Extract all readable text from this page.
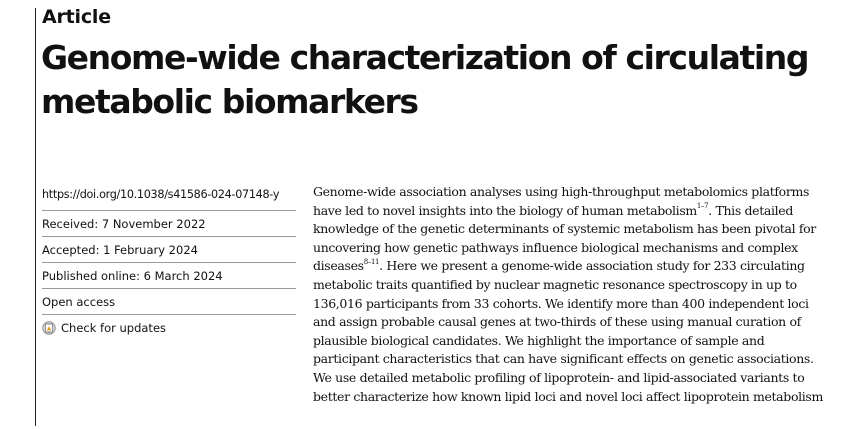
Article
Genome-wide characterization of circulating
metabolic biomarkers
https://doi.org/10.1038/s41586-024-07148-y
Received: 7 November 2022
Accepted: 1 February 2024
Published online: 6 March 2024
Open access
Check for updates

Genome-wide association analyses using high-throughput metabolomics platforms
have led to novel insights into the biology of human metabolism$^{1-7}$. This detailed
knowledge of the genetic determinants of systemic metabolism has been pivotal for
uncovering how genetic pathways influence biological mechanisms and complex
diseases$^{8-11}$. Here we present a genome-wide association study for 233 circulating
metabolic traits quantified by nuclear magnetic resonance spectroscopy in up to
136,016 participants from 33 cohorts. We identify more than 400 independent loci
and assign probable causal genes at two-thirds of these using manual curation of
plausible biological candidates. We highlight the importance of sample and
participant characteristics that can have significant effects on genetic associations.
We use detailed metabolic profiling of lipoprotein- and lipid-associated variants to
better characterize how known lipid loci and novel loci affect lipoprotein metabolism
